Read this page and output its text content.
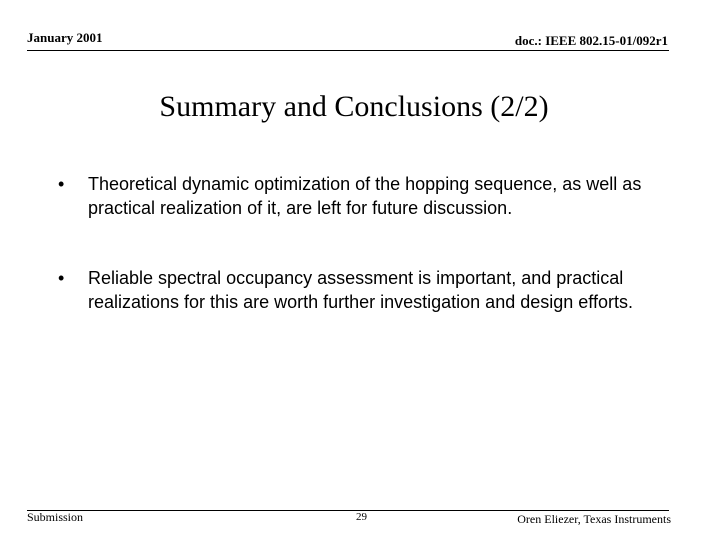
January 2001	doc.: IEEE 802.15-01/092r1
Summary and Conclusions (2/2)
•	Theoretical dynamic optimization of the hopping sequence, as well as practical realization of it, are left for future discussion.
•	Reliable spectral occupancy assessment is important, and practical realizations for this are worth further investigation and design efforts.
Submission	29	Oren Eliezer, Texas Instruments
